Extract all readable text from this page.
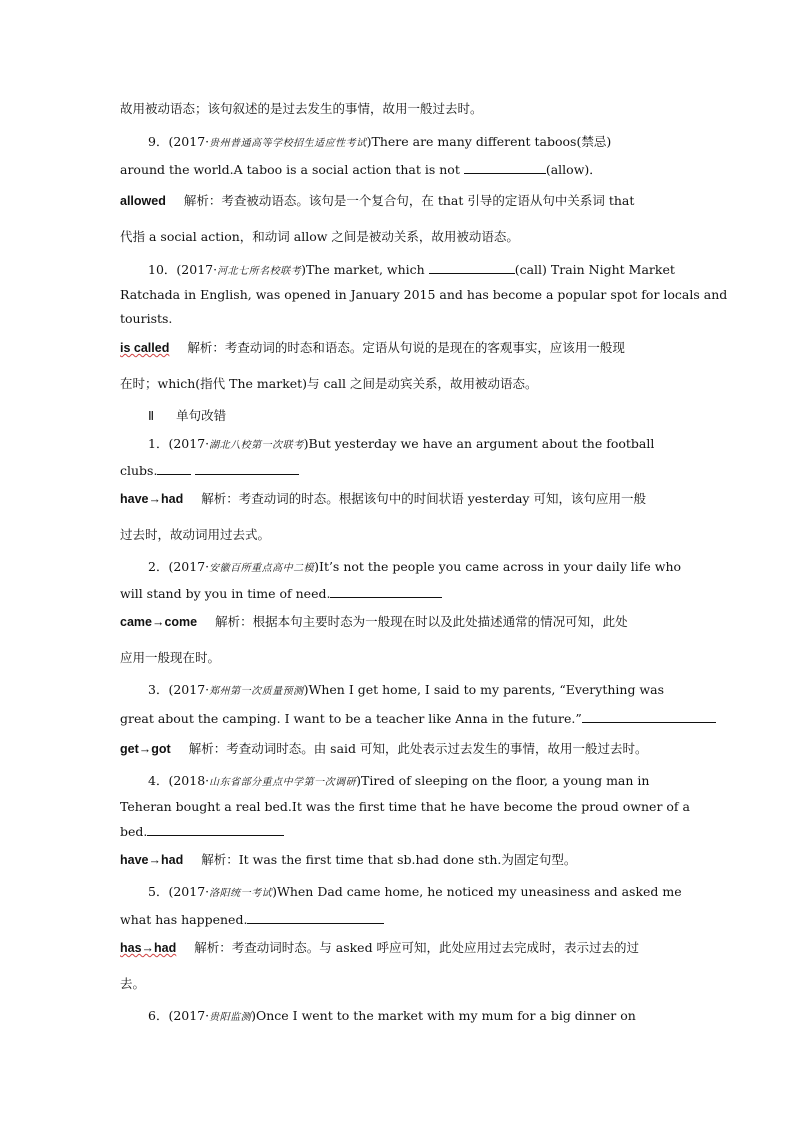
故用被动语态；该句叙述的是过去发生的事情，故用一般过去时。
9．(2017·贵州普通高等学校招生适应性考试)There are many different taboos(禁忌)
around the world.A taboo is a social action that is not	(allow)．
allowed 解析：考查被动语态。该句是一个复合句，在 that 引导的定语从句中关系词 that
代指 a social action，和动词 allow 之间是被动关系，故用被动语态。
10．(2017·河北七所名校联考)The market, which	(call) Train Night Market
Ratchada in English, was opened in January 2015 and has become a popular spot for locals and
tourists.
is called 解析：考查动词的时态和语态。定语从句说的是现在的客观事实，应该用一般现
在时；which(指代 The market)与 call 之间是动宾关系，故用被动语态。
Ⅱ 单句改错
1．(2017·湖北八校第一次联考)But yesterday we have an argument about the football
clubs.
have→had 解析：考查动词的时态。根据该句中的时间状语 yesterday 可知，该句应用一般
过去时，故动词用过去式。
2．(2017·安徽百所重点高中二模)It’s not the people you came across in your daily life who
will stand by you in time of need.
came→come 解析：根据本句主要时态为一般现在时以及此处描述通常的情况可知，此处
应用一般现在时。
3．(2017·郑州第一次质量预测)When I get home, I said to my parents, “Everything was
great about the camping. I want to be a teacher like Anna in the future.”
get→got 解析：考查动词时态。由 said 可知，此处表示过去发生的事情，故用一般过去时。
4．(2018·山东省部分重点中学第一次调研)Tired of sleeping on the floor, a young man in
Teheran bought a real bed.It was the first time that he have become the proud owner of a
bed.
have→had 解析：It was the first time that sb.had done sth.为固定句型。
5．(2017·洛阳统一考试)When Dad came home, he noticed my uneasiness and asked me
what has happened.
has→had 解析：考查动词时态。与 asked 呼应可知，此处应用过去完成时，表示过去的过
去。
6．(2017·贵阳监测)Once I went to the market with my mum for a big dinner on
